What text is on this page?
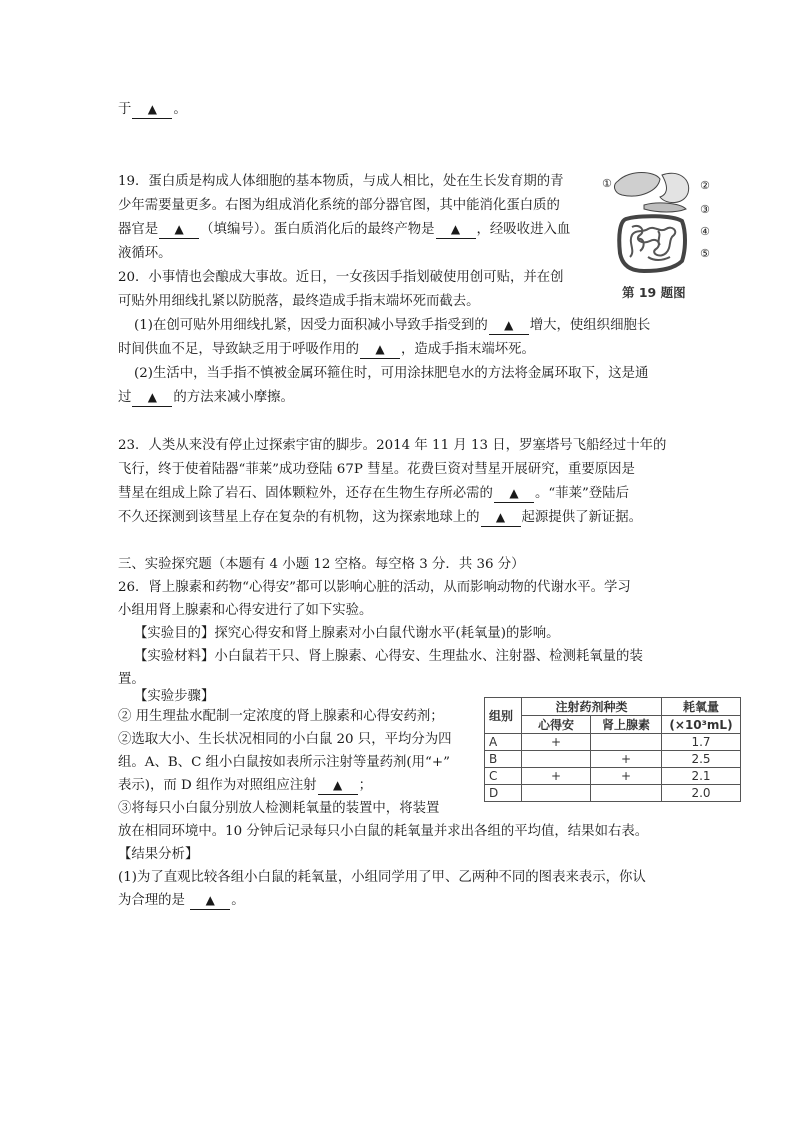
于 ▲ 。
19．蛋白质是构成人体细胞的基本物质，与成人相比，处在生长发育期的青
少年需要量更多。右图为组成消化系统的部分器官图，其中能消化蛋白质的
器官是 ▲ （填编号）。蛋白质消化后的最终产物是 ▲ ，经吸收进入血
液循环。
①	②
③
④
⑤
第 19 题图
20．小事情也会酿成大事故。近日，一女孩因手指划破使用创可贴，并在创
可贴外用细线扎紧以防脱落，最终造成手指末端坏死而截去。
(1)在创可贴外用细线扎紧，因受力面积减小导致手指受到的 ▲ 增大，使组织细胞长
时间供血不足，导致缺乏用于呼吸作用的 ▲ ，造成手指末端坏死。
(2)生活中，当手指不慎被金属环箍住时，可用涂抹肥皂水的方法将金属环取下，这是通
过 ▲ 的方法来减小摩擦。
23．人类从来没有停止过探索宇宙的脚步。2014 年 11 月 13 日，罗塞塔号飞船经过十年的
飞行，终于使着陆器“菲莱”成功登陆 67P 彗星。花费巨资对彗星开展研究，重要原因是
彗星在组成上除了岩石、固体颗粒外，还存在生物生存所必需的 ▲ 。“菲莱”登陆后
不久还探测到该彗星上存在复杂的有机物，这为探索地球上的 ▲ 起源提供了新证据。
三、实验探究题（本题有 4 小题 12 空格。每空格 3 分．共 36 分）
26．肾上腺素和药物“心得安”都可以影响心脏的活动，从而影响动物的代谢水平。学习
小组用肾上腺素和心得安进行了如下实验。
【实验目的】探究心得安和肾上腺素对小白鼠代谢水平(耗氧量)的影响。
【实验材料】小白鼠若干只、肾上腺素、心得安、生理盐水、注射器、检测耗氧量的装
置。
【实验步骤】
② 用生理盐水配制一定浓度的肾上腺素和心得安药剂；
②选取大小、生长状况相同的小白鼠 20 只，平均分为四
组。A、B、C 组小白鼠按如表所示注射等量药剂(用“+”
表示)，而 D 组作为对照组应注射 ▲ ；
③将每只小白鼠分别放人检测耗氧量的装置中，将装置
放在相同环境中。10 分钟后记录每只小白鼠的耗氧量并求出各组的平均值，结果如右表。
【结果分析】
(1)为了直观比较各组小白鼠的耗氧量，小组同学用了甲、乙两种不同的图表来表示，你认
为合理的是 ▲ 。
组别	注射药剂种类		耗氧量
	心得安	肾上腺素	(×10³mL)
A	+		1.7
B		+	2.5
C	+	+	2.1
D			2.0
